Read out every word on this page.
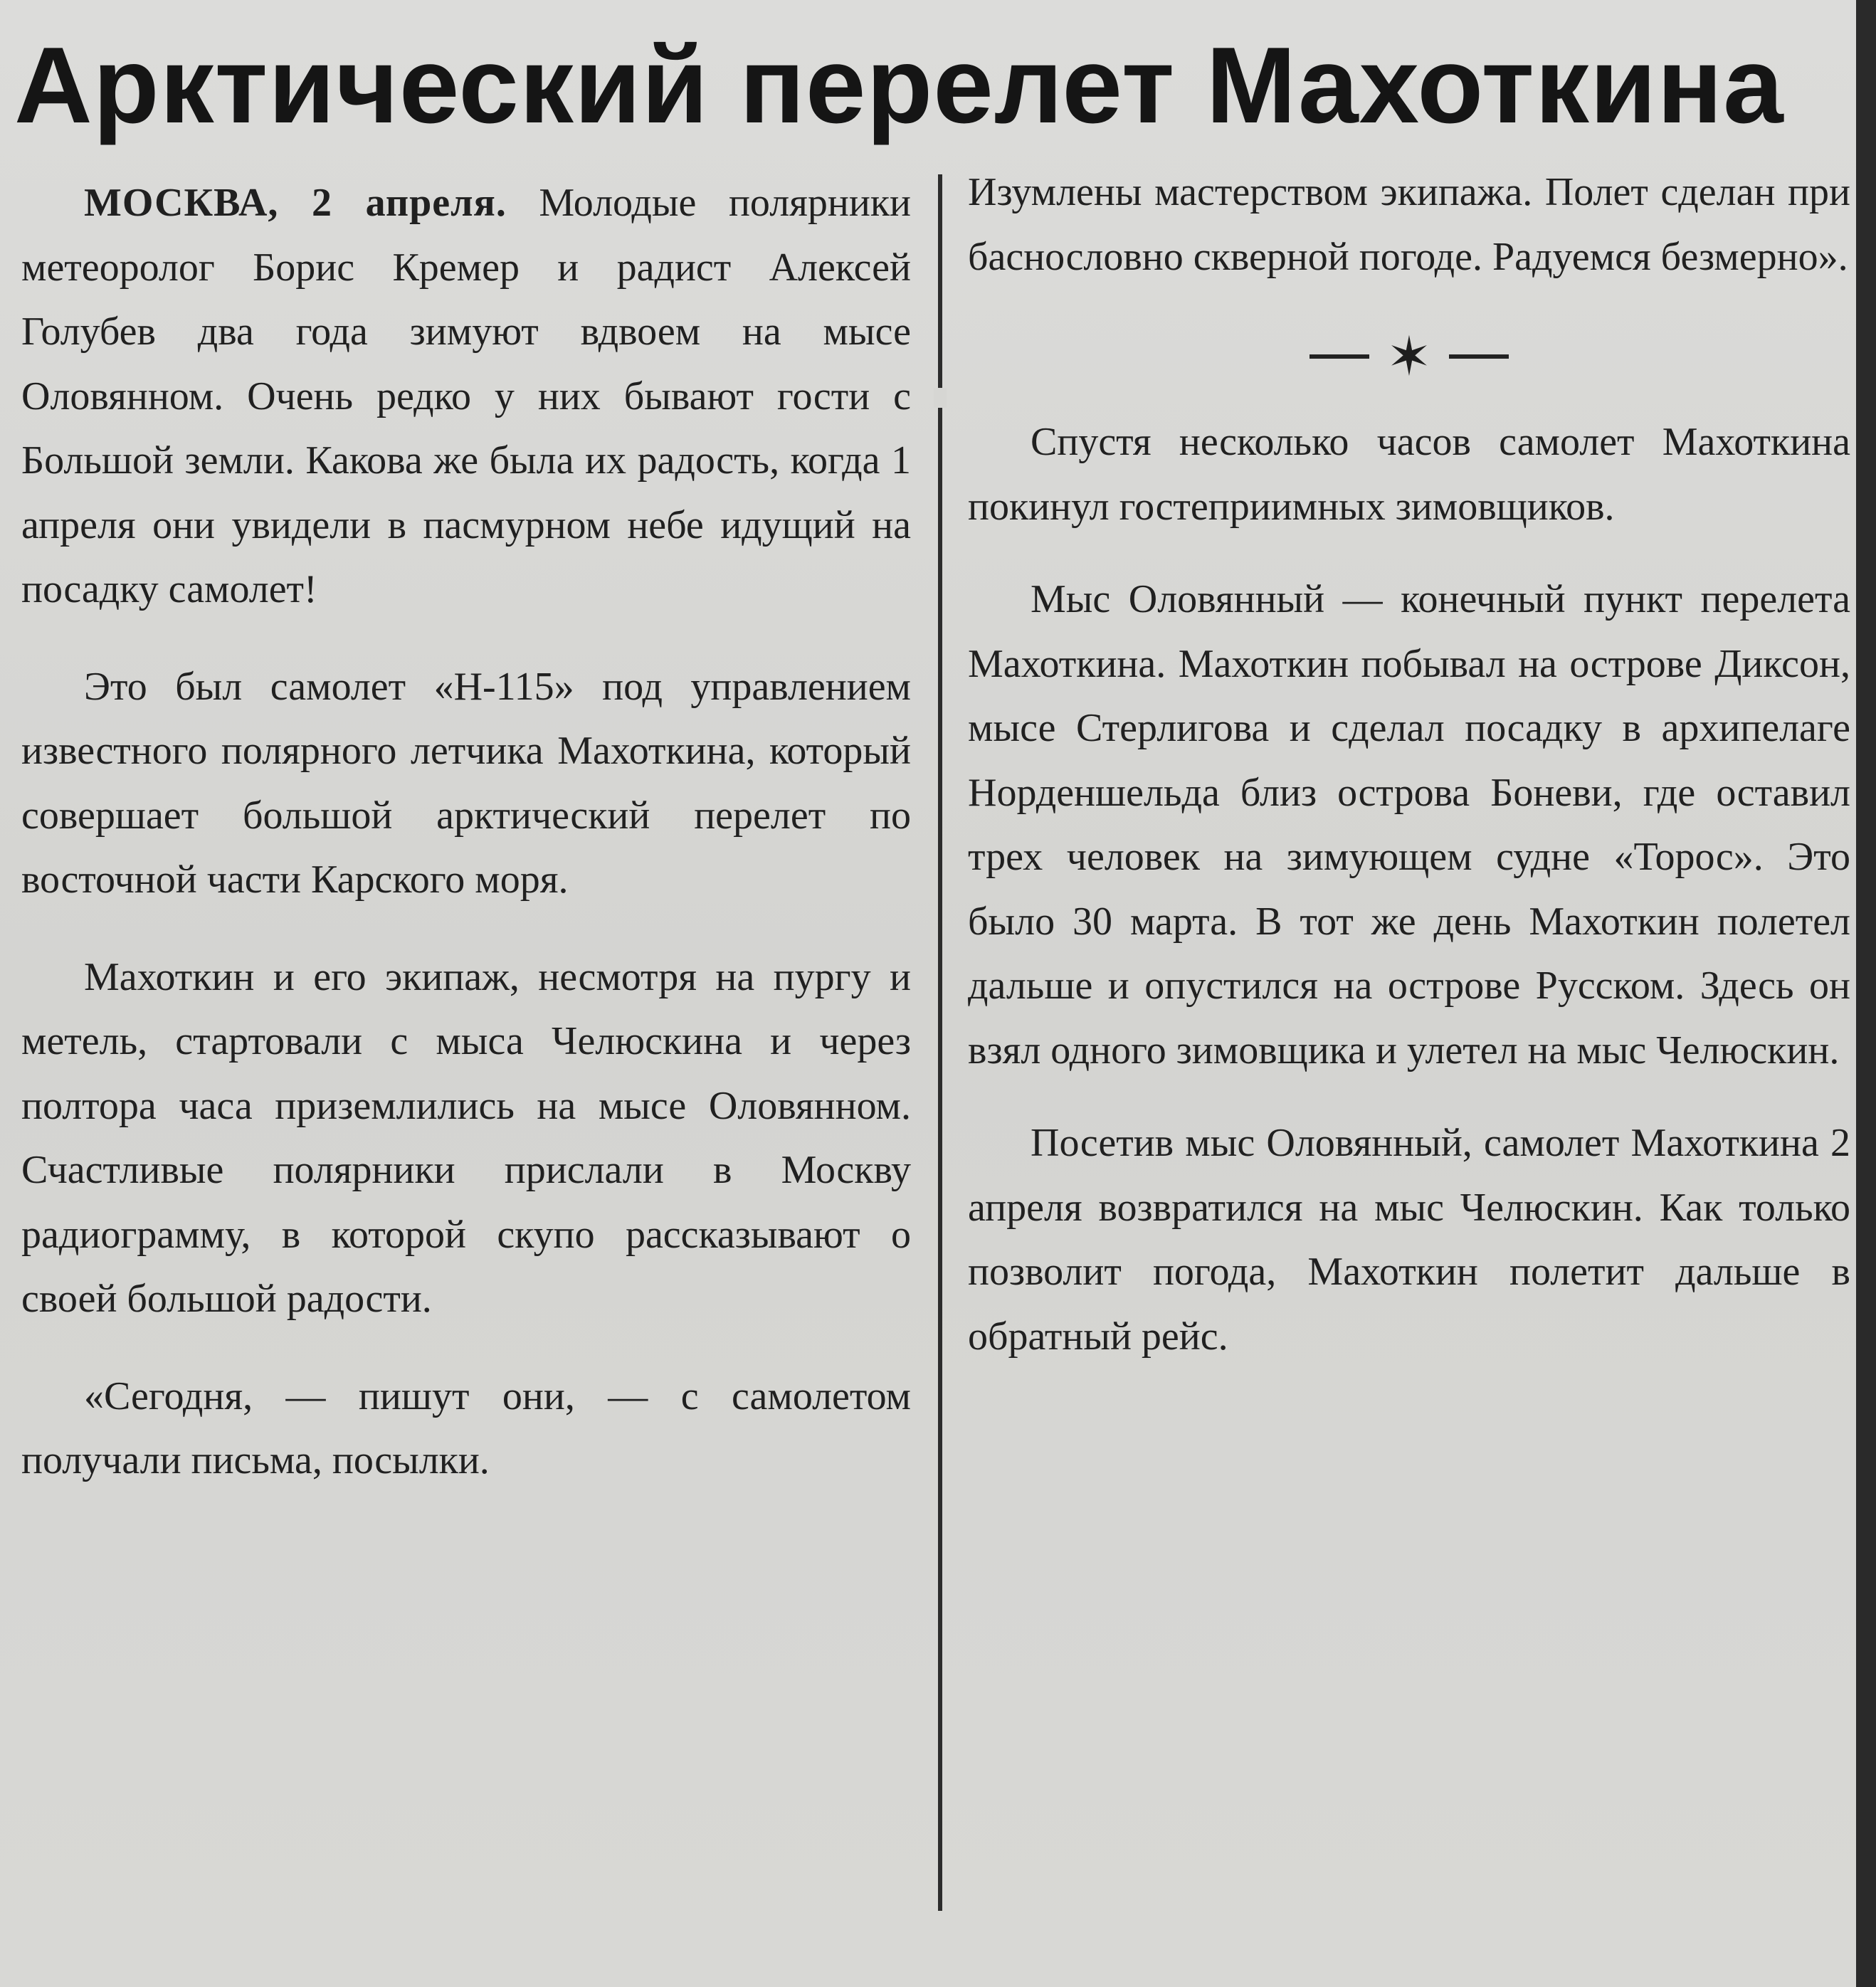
Арктический перелет Махоткина

МОСКВА, 2 апреля. Молодые полярники метеоролог Борис Кремер и радист Алексей Голубев два года зимуют вдвоем на мысе Оловянном. Очень редко у них бывают гости с Большой земли. Какова же была их радость, когда 1 апреля они увидели в пасмурном небе идущий на посадку самолет!

Это был самолет «Н-115» под управлением известного полярного летчика Махоткина, который совершает большой арктический перелет по восточной части Карского моря.

Махоткин и его экипаж, несмотря на пургу и метель, стартовали с мыса Челюскина и через полтора часа приземлились на мысе Оловянном. Счастливые полярники прислали в Москву радиограмму, в которой скупо рассказывают о своей большой радости.

«Сегодня, — пишут они, — с самолетом получали письма, посылки.

Изумлены мастерством экипажа. Полет сделан при баснословно скверной погоде. Радуемся безмерно».

✶

Спустя несколько часов самолет Махоткина покинул гостеприимных зимовщиков.

Мыс Оловянный — конечный пункт перелета Махоткина. Махоткин побывал на острове Диксон, мысе Стерлигова и сделал посадку в архипелаге Норденшельда близ острова Боневи, где оставил трех человек на зимующем судне «Торос». Это было 30 марта. В тот же день Махоткин полетел дальше и опустился на острове Русском. Здесь он взял одного зимовщика и улетел на мыс Челюскин.

Посетив мыс Оловянный, самолет Махоткина 2 апреля возвратился на мыс Челюскин. Как только позволит погода, Махоткин полетит дальше в обратный рейс.
